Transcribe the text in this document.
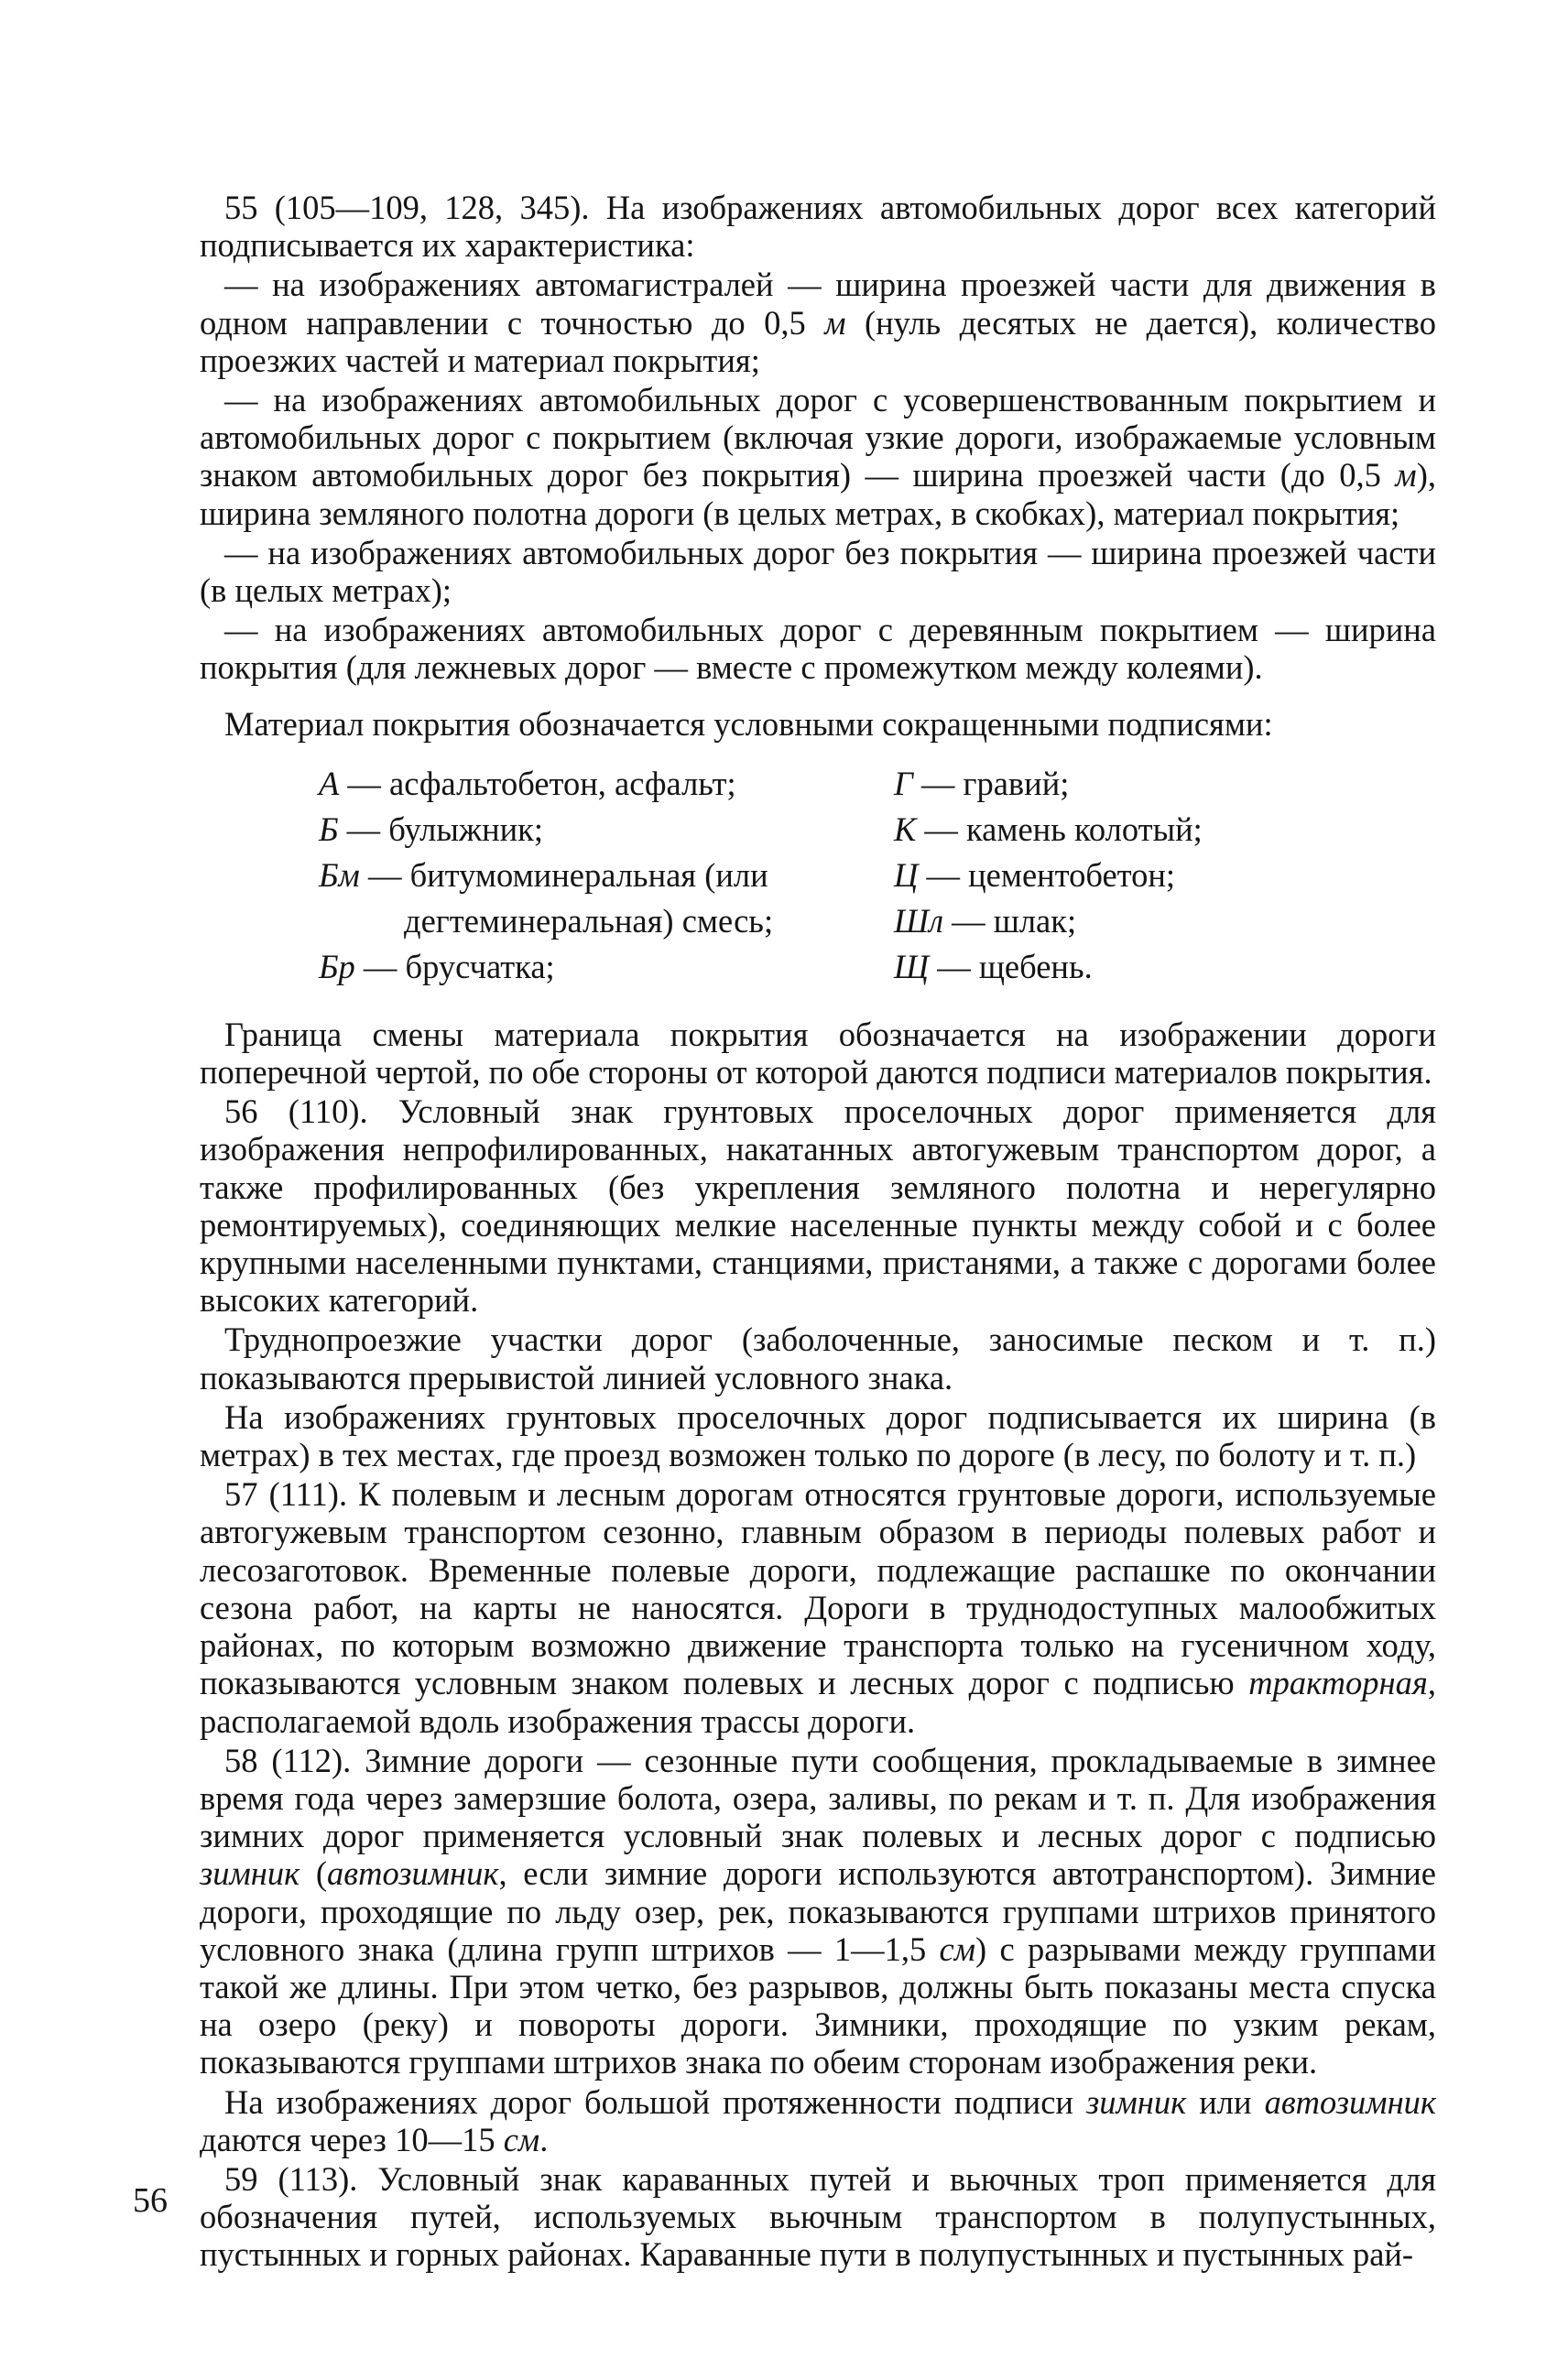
55 (105—109, 128, 345). На изображениях автомобильных дорог всех категорий подписывается их характеристика:

— на изображениях автомагистралей — ширина проезжей части для движения в одном направлении с точностью до 0,5 м (нуль десятых не дается), количество проезжих частей и материал покрытия;

— на изображениях автомобильных дорог с усовершенствованным покрытием и автомобильных дорог с покрытием (включая узкие дороги, изображаемые условным знаком автомобильных дорог без покрытия) — ширина проезжей части (до 0,5 м), ширина земляного полотна дороги (в целых метрах, в скобках), материал покрытия;

— на изображениях автомобильных дорог без покрытия — ширина проезжей части (в целых метрах);

— на изображениях автомобильных дорог с деревянным покрытием — ширина покрытия (для лежневых дорог — вместе с промежутком между колеями).

Материал покрытия обозначается условными сокращенными подписями:

А — асфальтобетон, асфальт;
Б — булыжник;
Бм — битумоминеральная (или
дегтеминеральная) смесь;
Бр — брусчатка;
Г — гравий;
К — камень колотый;
Ц — цементобетон;
Шл — шлак;
Щ — щебень.

Граница смены материала покрытия обозначается на изображении дороги поперечной чертой, по обе стороны от которой даются подписи материалов покрытия.

56 (110). Условный знак грунтовых проселочных дорог применяется для изображения непрофилированных, накатанных автогужевым транспортом дорог, а также профилированных (без укрепления земляного полотна и нерегулярно ремонтируемых), соединяющих мелкие населенные пункты между собой и с более крупными населенными пунктами, станциями, пристанями, а также с дорогами более высоких категорий.

Труднопроезжие участки дорог (заболоченные, заносимые песком и т. п.) показываются прерывистой линией условного знака.

На изображениях грунтовых проселочных дорог подписывается их ширина (в метрах) в тех местах, где проезд возможен только по дороге (в лесу, по болоту и т. п.)

57 (111). К полевым и лесным дорогам относятся грунтовые дороги, используемые автогужевым транспортом сезонно, главным образом в периоды полевых работ и лесозаготовок. Временные полевые дороги, подлежащие распашке по окончании сезона работ, на карты не наносятся. Дороги в труднодоступных малообжитых районах, по которым возможно движение транспорта только на гусеничном ходу, показываются условным знаком полевых и лесных дорог с подписью тракторная, располагаемой вдоль изображения трассы дороги.

58 (112). Зимние дороги — сезонные пути сообщения, прокладываемые в зимнее время года через замерзшие болота, озера, заливы, по рекам и т. п. Для изображения зимних дорог применяется условный знак полевых и лесных дорог с подписью зимник (автозимник, если зимние дороги используются автотранспортом). Зимние дороги, проходящие по льду озер, рек, показываются группами штрихов принятого условного знака (длина групп штрихов — 1—1,5 см) с разрывами между группами такой же длины. При этом четко, без разрывов, должны быть показаны места спуска на озеро (реку) и повороты дороги. Зимники, проходящие по узким рекам, показываются группами штрихов знака по обеим сторонам изображения реки.

На изображениях дорог большой протяженности подписи зимник или автозимник даются через 10—15 см.

59 (113). Условный знак караванных путей и вьючных троп применяется для обозначения путей, используемых вьючным транспортом в полупустынных, пустынных и горных районах. Караванные пути в полупустынных и пустынных рай-

56
